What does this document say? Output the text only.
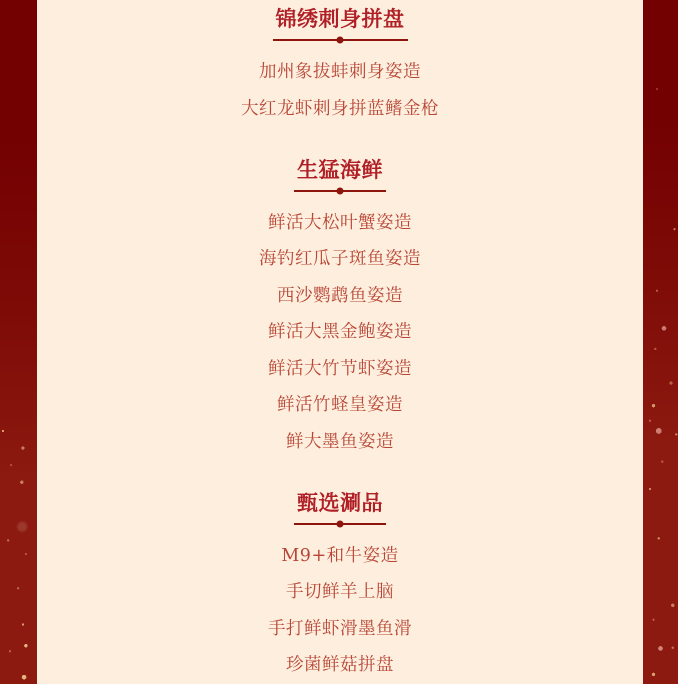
锦绣刺身拼盘
加州象拔蚌刺身姿造
大红龙虾刺身拼蓝鳍金枪
生猛海鲜
鲜活大松叶蟹姿造
海钓红瓜子斑鱼姿造
西沙鹦鹉鱼姿造
鲜活大黑金鲍姿造
鲜活大竹节虾姿造
鲜活竹蛏皇姿造
鲜大墨鱼姿造
甄选涮品
M9+和牛姿造
手切鲜羊上脑
手打鲜虾滑墨鱼滑
珍菌鲜菇拼盘
